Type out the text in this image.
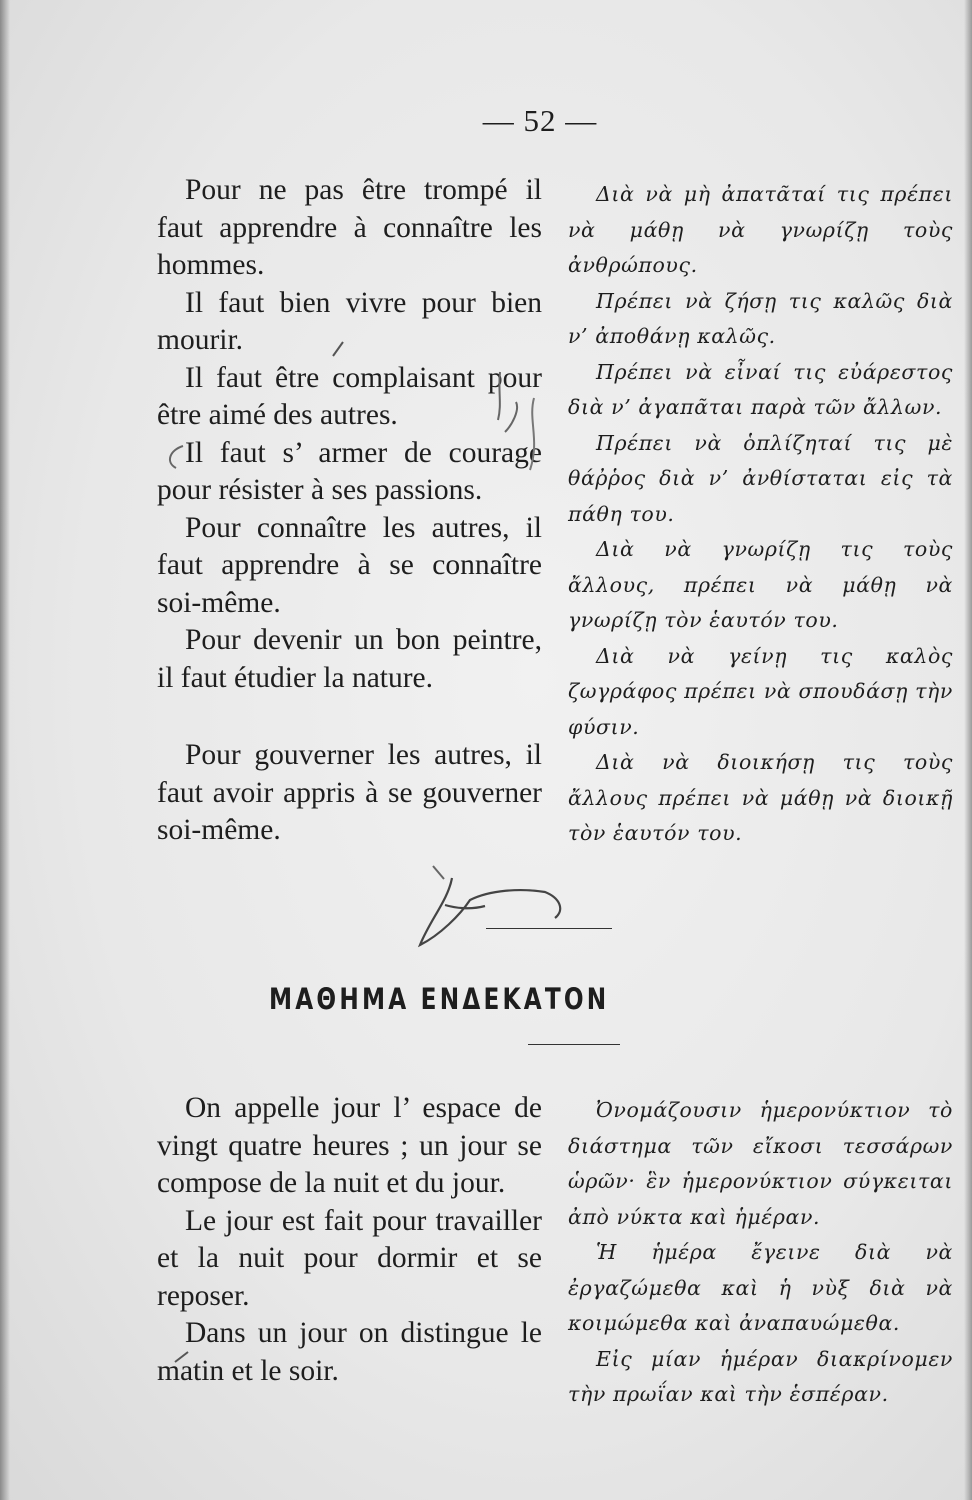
— 52 —

Pour ne pas être trompé il faut apprendre à connaître les hommes.

Il faut bien vivre pour bien mourir.

Il faut être complaisant pour être aimé des autres.

Il faut s’ armer de courage pour résister à ses passions.

Pour connaître les autres, il faut apprendre à se connaître soi-même.

Pour devenir un bon peintre, il faut étudier la nature.

Pour gouverner les autres, il faut avoir appris à se gouverner soi-même.

Διὰ νὰ μὴ ἀπατᾶταί τις πρέπει νὰ μάθῃ νὰ γνωρίζῃ τοὺς ἀνθρώπους.

Πρέπει νὰ ζήσῃ τις καλῶς διὰ ν’ ἀποθάνῃ καλῶς.

Πρέπει νὰ εἶναί τις εὐάρεστος διὰ ν’ ἀγαπᾶται παρὰ τῶν ἄλλων.

Πρέπει νὰ ὁπλίζηταί τις μὲ θάῤῥος διὰ ν’ ἀνθίσταται εἰς τὰ πάθη του.

Διὰ νὰ γνωρίζῃ τις τοὺς ἄλλους, πρέπει νὰ μάθῃ νὰ γνωρίζῃ τὸν ἑαυτόν του.

Διὰ νὰ γείνῃ τις καλὸς ζωγράφος πρέπει νὰ σπουδάσῃ τὴν φύσιν.

Διὰ νὰ διοικήσῃ τις τοὺς ἄλλους πρέπει νὰ μάθῃ νὰ διοικῇ τὸν ἑαυτόν του.

ΜΑΘΗΜΑ ΕΝΔΕΚΑΤΟΝ

On appelle jour l’ espace de vingt quatre heures ; un jour se compose de la nuit et du jour.

Le jour est fait pour travailler et la nuit pour dormir et se reposer.

Dans un jour on distingue le matin et le soir.

Ὀνομάζουσιν ἡμερονύκτιον τὸ διάστημα τῶν εἴκοσι τεσσάρων ὡρῶν· ἓν ἡμερονύκτιον σύγκειται ἀπὸ νύκτα καὶ ἡμέραν.

Ἡ ἡμέρα ἔγεινε διὰ νὰ ἐργαζώμεθα καὶ ἡ νὺξ διὰ νὰ κοιμώμεθα καὶ ἀναπαυώμεθα.

Εἰς μίαν ἡμέραν διακρίνομεν τὴν πρωΐαν καὶ τὴν ἑσπέραν.
